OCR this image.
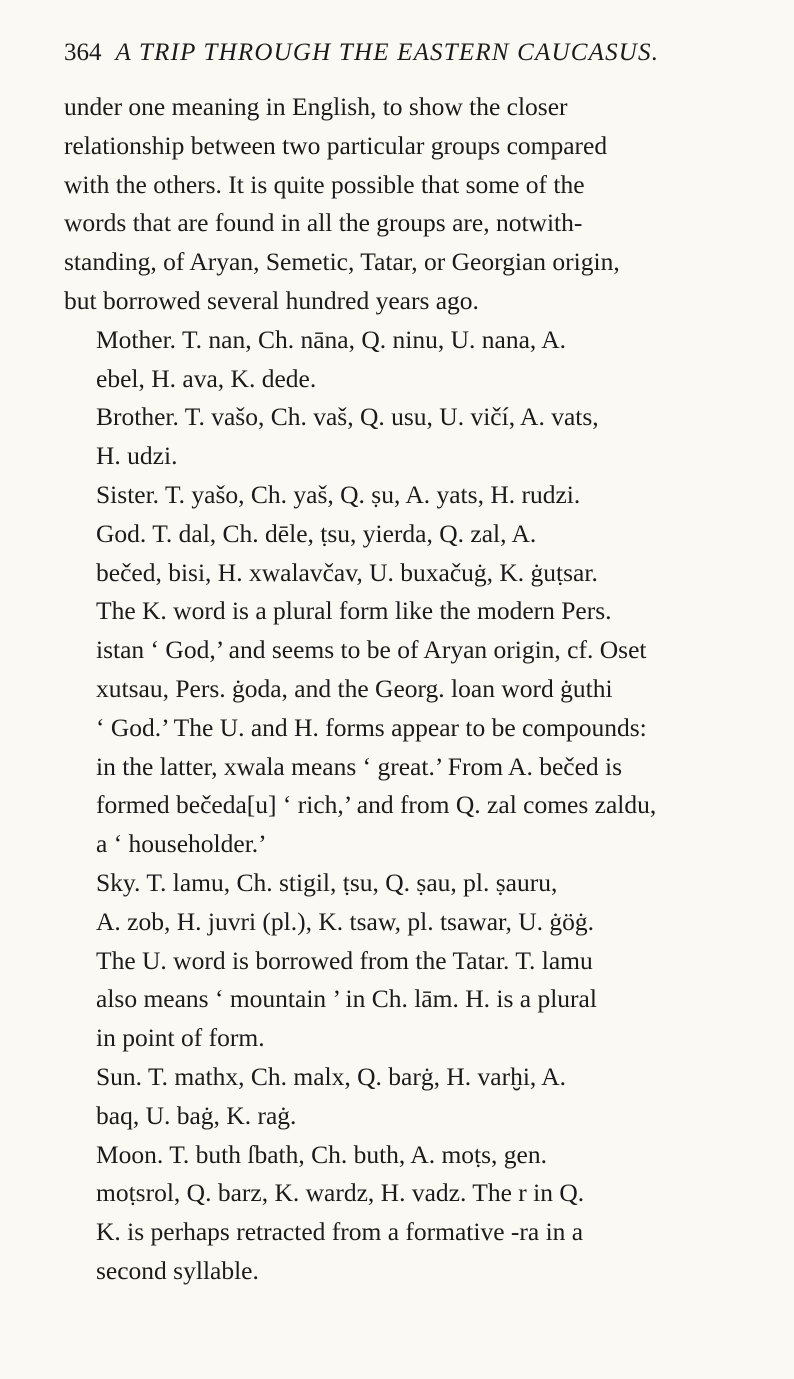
364 A TRIP THROUGH THE EASTERN CAUCASUS.
under one meaning in English, to show the closer
relationship between two particular groups compared
with the others. It is quite possible that some of the
words that are found in all the groups are, notwith-
standing, of Aryan, Semetic, Tatar, or Georgian origin,
but borrowed several hundred years ago.
Mother. T. nan, Ch. nāna, Q. ninu, U. nana, A.
ebel, H. ava, K. dede.
Brother. T. vašo, Ch. vaš, Q. usu, U. vičí, A. vats,
H. udzi.
Sister. T. yašo, Ch. yaš, Q. ṣu, A. yats, H. rudzi.
God. T. dal, Ch. dēle, ṭsu, yierda, Q. zal, A.
bečed, bisi, H. xwalavčav, U. buxačuġ, K. ġuṭsar.
The K. word is a plural form like the modern Pers.
istan ‘ God,’ and seems to be of Aryan origin, cf. Oset
xutsau, Pers. ġoda, and the Georg. loan word ġuthi
‘ God.’ The U. and H. forms appear to be compounds:
in the latter, xwala means ‘ great.’ From A. bečed is
formed bečeda[u] ‘ rich,’ and from Q. zal comes zaldu,
a ‘ householder.’
Sky. T. lamu, Ch. stigil, ṭsu, Q. ṣau, pl. ṣauru,
A. zob, H. juvri (pl.), K. tsaw, pl. tsawar, U. ġöġ.
The U. word is borrowed from the Tatar. T. lamu
also means ‘ mountain ’ in Ch. lām. H. is a plural
in point of form.
Sun. T. mathx, Ch. malx, Q. barġ, H. varḫi, A.
baq, U. baġ, K. raġ.
Moon. T. buth ſbath, Ch. buth, A. moṭs, gen.
moṭsrol, Q. barz, K. wardz, H. vadz. The r in Q.
K. is perhaps retracted from a formative -ra in a
second syllable.
